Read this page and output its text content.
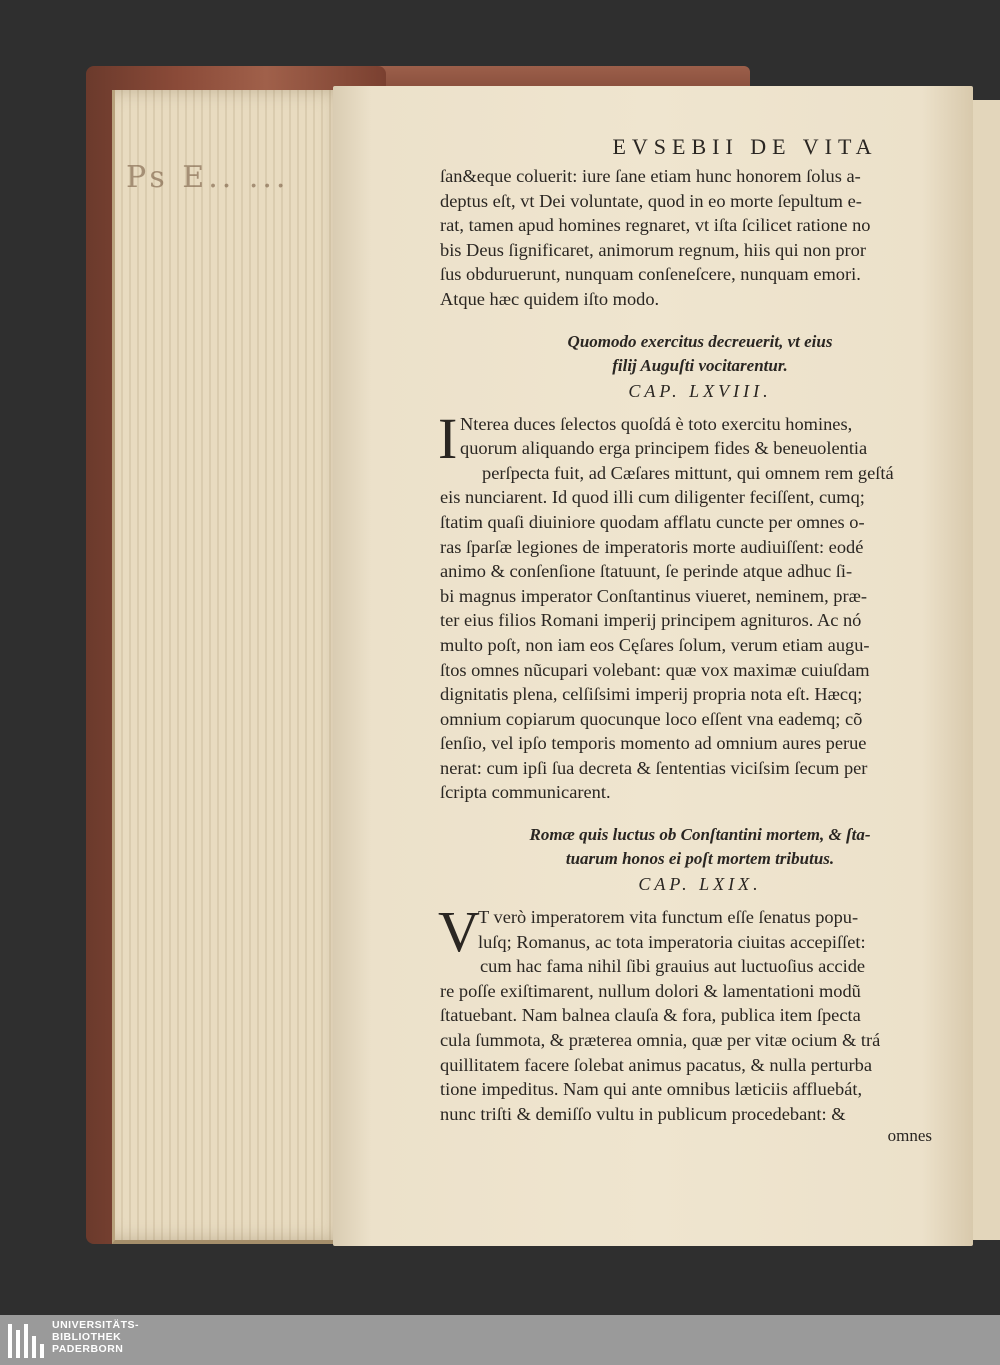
Ps E.. ...
EVSEBII DE VITA
ſan&eque coluerit: iure ſane etiam hunc honorem ſolus a-
deptus eſt, vt Dei voluntate, quod in eo morte ſepultum e-
rat, tamen apud homines regnaret, vt iſta ſcilicet ratione no
bis Deus ſignificaret, animorum regnum, hiis qui non pror
ſus obduruerunt, nunquam conſeneſcere, nunquam emori.
Atque hæc quidem iſto modo.
Quomodo exercitus decreuerit, vt eius
filij Auguſti vocitarentur.
CAP. LXVIII.
I Nterea duces ſelectos quoſdá è toto exercitu homines,
quorum aliquando erga principem fides & beneuolentia
perſpecta fuit, ad Cæſares mittunt, qui omnem rem geſtá
eis nunciarent. Id quod illi cum diligenter feciſſent, cumq;
ſtatim quaſi diuiniore quodam afflatu cuncte per omnes o-
ras ſparſæ legiones de imperatoris morte audiuiſſent: eodé
animo & conſenſione ſtatuunt, ſe perinde atque adhuc ſi-
bi magnus imperator Conſtantinus viueret, neminem, præ-
ter eius filios Romani imperij principem agnituros. Ac nó
multo poſt, non iam eos Cęſares ſolum, verum etiam augu-
ſtos omnes nũcupari volebant: quæ vox maximæ cuiuſdam
dignitatis plena, celſiſsimi imperij propria nota eſt. Hæcq;
omnium copiarum quocunque loco eſſent vna eademq; cõ
ſenſio, vel ipſo temporis momento ad omnium aures perue
nerat: cum ipſi ſua decreta & ſententias viciſsim ſecum per
ſcripta communicarent.
Romæ quis luctus ob Conſtantini mortem, & ſta-
tuarum honos ei poſt mortem tributus.
CAP. LXIX.
V
T verò imperatorem vita functum eſſe ſenatus popu-
luſq; Romanus, ac tota imperatoria ciuitas accepiſſet:
cum hac fama nihil ſibi grauius aut luctuoſius accide
re poſſe exiſtimarent, nullum dolori & lamentationi modũ
ſtatuebant. Nam balnea clauſa & fora, publica item ſpecta
cula ſummota, & præterea omnia, quæ per vitæ ocium & trá
quillitatem facere ſolebat animus pacatus, & nulla perturba
tione impeditus. Nam qui ante omnibus læticiis affluebát,
nunc triſti & demiſſo vultu in publicum procedebant: &
omnes
UNIVERSITÄTS-
BIBLIOTHEK
PADERBORN
